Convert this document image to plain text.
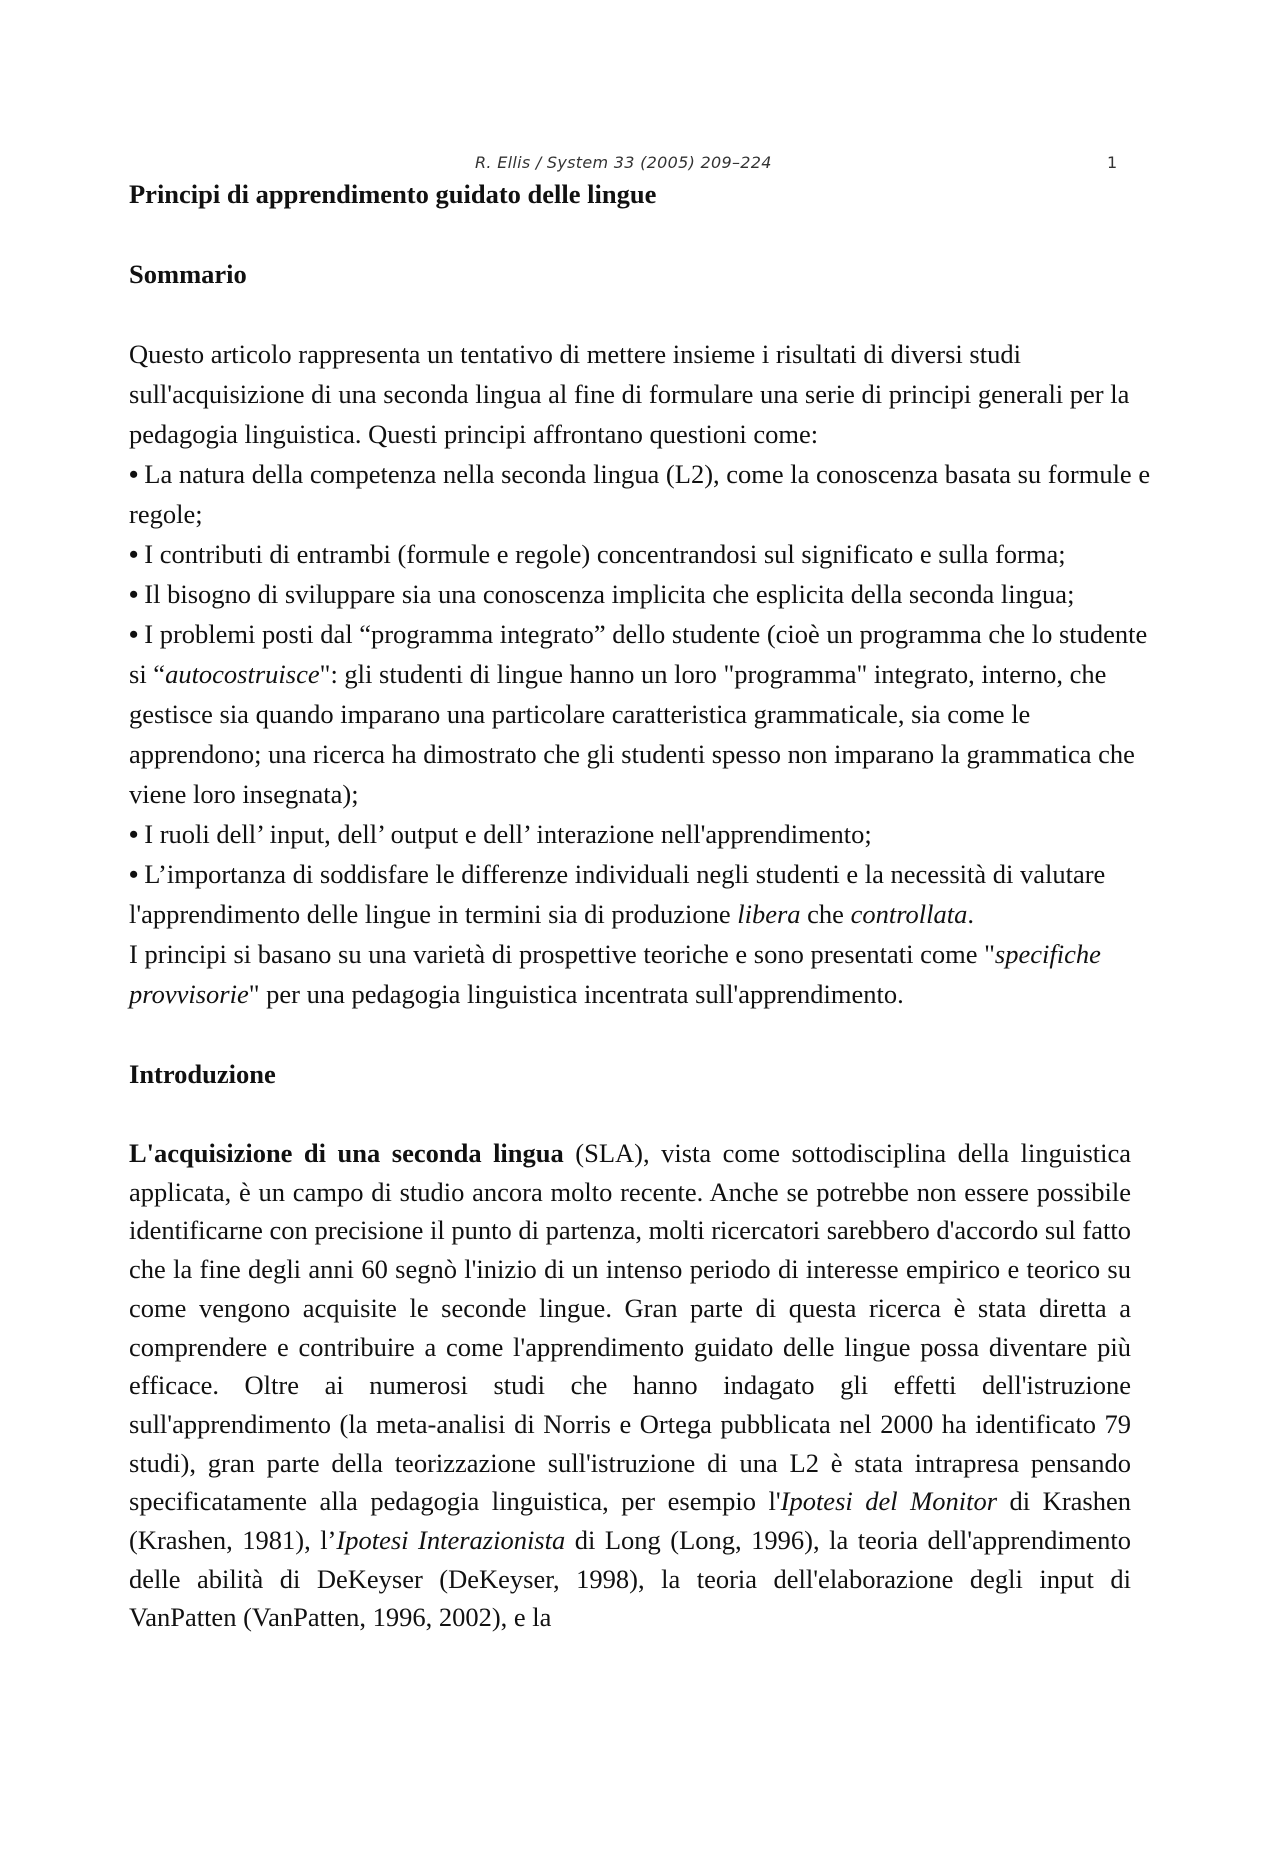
R. Ellis / System 33 (2005) 209–224	1
Principi di apprendimento guidato delle lingue
Sommario

Questo articolo rappresenta un tentativo di mettere insieme i risultati di diversi studi sull'acquisizione di una seconda lingua al fine di formulare una serie di principi generali per la pedagogia linguistica. Questi principi affrontano questioni come:

• La natura della competenza nella seconda lingua (L2), come la conoscenza basata su formule e regole;
• I contributi di entrambi (formule e regole) concentrandosi sul significato e sulla forma;
• Il bisogno di sviluppare sia una conoscenza implicita che esplicita della seconda lingua;
• I problemi posti dal “programma integrato” dello studente (cioè un programma che lo studente si “autocostruisce": gli studenti di lingue hanno un loro "programma" integrato, interno, che gestisce sia quando imparano una particolare caratteristica grammaticale, sia come le apprendono; una ricerca ha dimostrato che gli studenti spesso non imparano la grammatica che viene loro insegnata);
• I ruoli dell’ input, dell’ output e dell’ interazione nell'apprendimento;
• L’importanza di soddisfare le differenze individuali negli studenti e la necessità di valutare l'apprendimento delle lingue in termini sia di produzione libera che controllata.

I principi si basano su una varietà di prospettive teoriche e sono presentati come "specifiche provvisorie" per una pedagogia linguistica incentrata sull'apprendimento.

Introduzione

L'acquisizione di una seconda lingua (SLA), vista come sottodisciplina della linguistica applicata, è un campo di studio ancora molto recente. Anche se potrebbe non essere possibile identificarne con precisione il punto di partenza, molti ricercatori sarebbero d'accordo sul fatto che la fine degli anni 60 segnò l'inizio di un intenso periodo di interesse empirico e teorico su come vengono acquisite le seconde lingue. Gran parte di questa ricerca è stata diretta a comprendere e contribuire a come l'apprendimento guidato delle lingue possa diventare più efficace. Oltre ai numerosi studi che hanno indagato gli effetti dell'istruzione sull'apprendimento (la meta-analisi di Norris e Ortega pubblicata nel 2000 ha identificato 79 studi), gran parte della teorizzazione sull'istruzione di una L2 è stata intrapresa pensando specificatamente alla pedagogia linguistica, per esempio l'Ipotesi del Monitor di Krashen (Krashen, 1981), l’Ipotesi Interazionista di Long (Long, 1996), la teoria dell'apprendimento delle abilità di DeKeyser (DeKeyser, 1998), la teoria dell'elaborazione degli input di VanPatten (VanPatten, 1996, 2002), e la
